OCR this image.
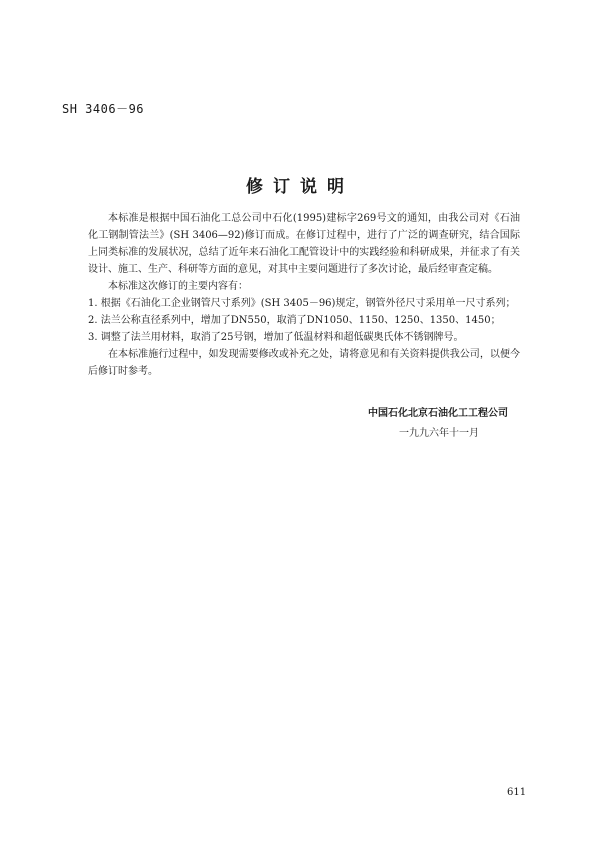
SH 3406－96
修订说明

本标准是根据中国石油化工总公司中石化(1995)建标字269号文的通知，由我公司对《石油化工钢制管法兰》(SH 3406—92)修订而成。在修订过程中，进行了广泛的调查研究，结合国际上同类标准的发展状况，总结了近年来石油化工配管设计中的实践经验和科研成果，并征求了有关设计、施工、生产、科研等方面的意见，对其中主要问题进行了多次讨论，最后经审查定稿。

本标准这次修订的主要内容有：

1. 根据《石油化工企业钢管尺寸系列》(SH 3405－96)规定，钢管外径尺寸采用单一尺寸系列；

2. 法兰公称直径系列中，增加了DN550，取消了DN1050、1150、1250、1350、1450；

3. 调整了法兰用材料，取消了25号钢，增加了低温材料和超低碳奥氏体不锈钢牌号。

在本标准施行过程中，如发现需要修改或补充之处，请将意见和有关资料提供我公司，以便今后修订时参考。

中国石化北京石油化工工程公司
一九九六年十一月
611
